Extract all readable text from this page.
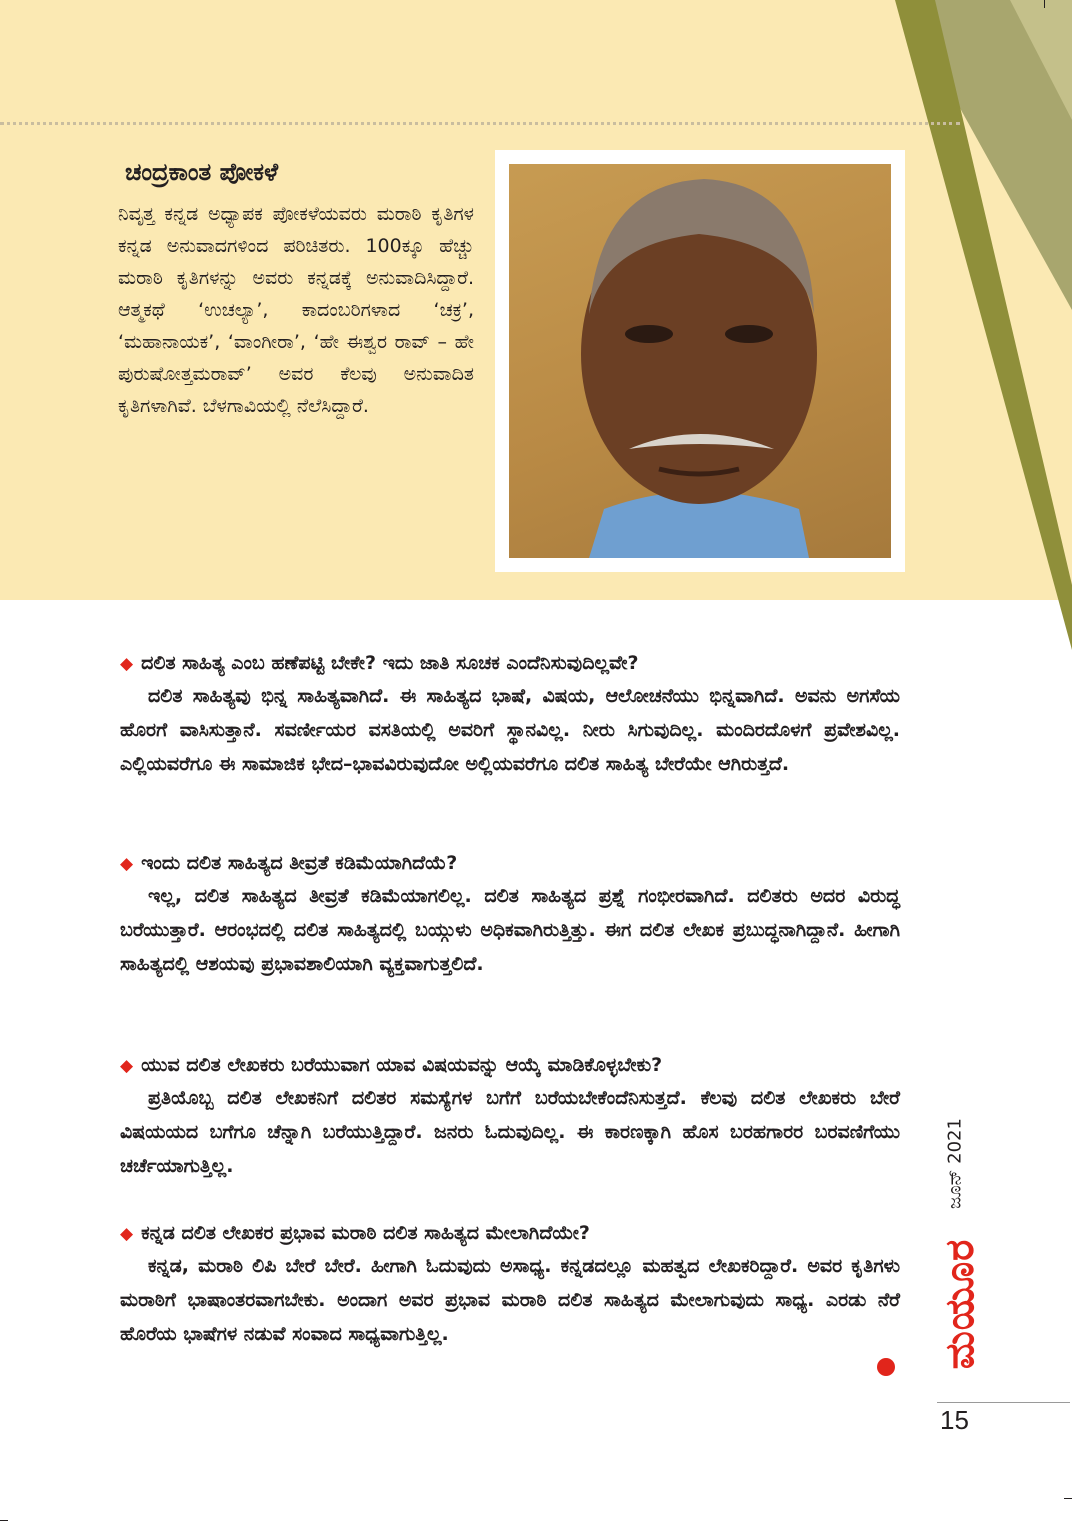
ಚಂದ್ರಕಾಂತ ಪೋಕಳೆ

ನಿವೃತ್ತ ಕನ್ನಡ ಅಧ್ಯಾಪಕ ಪೋಕಳೆಯವರು ಮರಾಠಿ ಕೃತಿಗಳ ಕನ್ನಡ ಅನುವಾದಗಳಿಂದ ಪರಿಚಿತರು. 100ಕ್ಕೂ ಹೆಚ್ಚು ಮರಾಠಿ ಕೃತಿಗಳನ್ನು ಅವರು ಕನ್ನಡಕ್ಕೆ ಅನುವಾದಿಸಿದ್ದಾರೆ. ಆತ್ಮಕಥೆ ‘ಉಚಲ್ಯಾ’, ಕಾದಂಬರಿಗಳಾದ ‘ಚಕ್ರ’, ‘ಮಹಾನಾಯಕ’, ‘ವಾಂಗೀರಾ’, ‘ಹೇ ಈಶ್ವರ ರಾವ್ – ಹೇ ಪುರುಷೋತ್ತಮರಾವ್’ ಅವರ ಕೆಲವು ಅನುವಾದಿತ ಕೃತಿಗಳಾಗಿವೆ. ಬೆಳಗಾವಿಯಲ್ಲಿ ನೆಲೆಸಿದ್ದಾರೆ.

◆ ದಲಿತ ಸಾಹಿತ್ಯ ಎಂಬ ಹಣೆಪಟ್ಟಿ ಬೇಕೇ? ಇದು ಜಾತಿ ಸೂಚಕ ಎಂದೆನಿಸುವುದಿಲ್ಲವೇ?

ದಲಿತ ಸಾಹಿತ್ಯವು ಭಿನ್ನ ಸಾಹಿತ್ಯವಾಗಿದೆ. ಈ ಸಾಹಿತ್ಯದ ಭಾಷೆ, ವಿಷಯ, ಆಲೋಚನೆಯು ಭಿನ್ನವಾಗಿದೆ. ಅವನು ಅಗಸೆಯ ಹೊರಗೆ ವಾಸಿಸುತ್ತಾನೆ. ಸವರ್ಣೀಯರ ವಸತಿಯಲ್ಲಿ ಅವರಿಗೆ ಸ್ಥಾನವಿಲ್ಲ. ನೀರು ಸಿಗುವುದಿಲ್ಲ. ಮಂದಿರದೊಳಗೆ ಪ್ರವೇಶವಿಲ್ಲ. ಎಲ್ಲಿಯವರೆಗೂ ಈ ಸಾಮಾಜಿಕ ಭೇದ–ಭಾವವಿರುವುದೋ ಅಲ್ಲಿಯವರೆಗೂ ದಲಿತ ಸಾಹಿತ್ಯ ಬೇರೆಯೇ ಆಗಿರುತ್ತದೆ.

◆ ಇಂದು ದಲಿತ ಸಾಹಿತ್ಯದ ತೀವ್ರತೆ ಕಡಿಮೆಯಾಗಿದೆಯೆ?

ಇಲ್ಲ, ದಲಿತ ಸಾಹಿತ್ಯದ ತೀವ್ರತೆ ಕಡಿಮೆಯಾಗಲಿಲ್ಲ. ದಲಿತ ಸಾಹಿತ್ಯದ ಪ್ರಶ್ನೆ ಗಂಭೀರವಾಗಿದೆ. ದಲಿತರು ಅದರ ವಿರುದ್ಧ ಬರೆಯುತ್ತಾರೆ. ಆರಂಭದಲ್ಲಿ ದಲಿತ ಸಾಹಿತ್ಯದಲ್ಲಿ ಬಯ್ಗುಳು ಅಧಿಕವಾಗಿರುತ್ತಿತ್ತು. ಈಗ ದಲಿತ ಲೇಖಕ ಪ್ರಬುದ್ಧನಾಗಿದ್ದಾನೆ. ಹೀಗಾಗಿ ಸಾಹಿತ್ಯದಲ್ಲಿ ಆಶಯವು ಪ್ರಭಾವಶಾಲಿಯಾಗಿ ವ್ಯಕ್ತವಾಗುತ್ತಲಿದೆ.

◆ ಯುವ ದಲಿತ ಲೇಖಕರು ಬರೆಯುವಾಗ ಯಾವ ವಿಷಯವನ್ನು ಆಯ್ಕೆ ಮಾಡಿಕೊಳ್ಳಬೇಕು?

ಪ್ರತಿಯೊಬ್ಬ ದಲಿತ ಲೇಖಕನಿಗೆ ದಲಿತರ ಸಮಸ್ಯೆಗಳ ಬಗೆಗೆ ಬರೆಯಬೇಕೆಂದೆನಿಸುತ್ತದೆ. ಕೆಲವು ದಲಿತ ಲೇಖಕರು ಬೇರೆ ವಿಷಯಯದ ಬಗೆಗೂ ಚೆನ್ನಾಗಿ ಬರೆಯುತ್ತಿದ್ದಾರೆ. ಜನರು ಓದುವುದಿಲ್ಲ. ಈ ಕಾರಣಕ್ಕಾಗಿ ಹೊಸ ಬರಹಗಾರರ ಬರವಣಿಗೆಯು ಚರ್ಚೆಯಾಗುತ್ತಿಲ್ಲ.

◆ ಕನ್ನಡ ದಲಿತ ಲೇಖಕರ ಪ್ರಭಾವ ಮರಾಠಿ ದಲಿತ ಸಾಹಿತ್ಯದ ಮೇಲಾಗಿದೆಯೇ?

ಕನ್ನಡ, ಮರಾಠಿ ಲಿಪಿ ಬೇರೆ ಬೇರೆ. ಹೀಗಾಗಿ ಓದುವುದು ಅಸಾಧ್ಯ. ಕನ್ನಡದಲ್ಲೂ ಮಹತ್ವದ ಲೇಖಕರಿದ್ದಾರೆ. ಅವರ ಕೃತಿಗಳು ಮರಾಠಿಗೆ ಭಾಷಾಂತರವಾಗಬೇಕು. ಅಂದಾಗ ಅವರ ಪ್ರಭಾವ ಮರಾಠಿ ದಲಿತ ಸಾಹಿತ್ಯದ ಮೇಲಾಗುವುದು ಸಾಧ್ಯ. ಎರಡು ನೆರೆ ಹೊರೆಯ ಭಾಷೆಗಳ ನಡುವೆ ಸಂವಾದ ಸಾಧ್ಯವಾಗುತ್ತಿಲ್ಲ.

ಜೂನ್ 2021
ಮಯೂರ
15
